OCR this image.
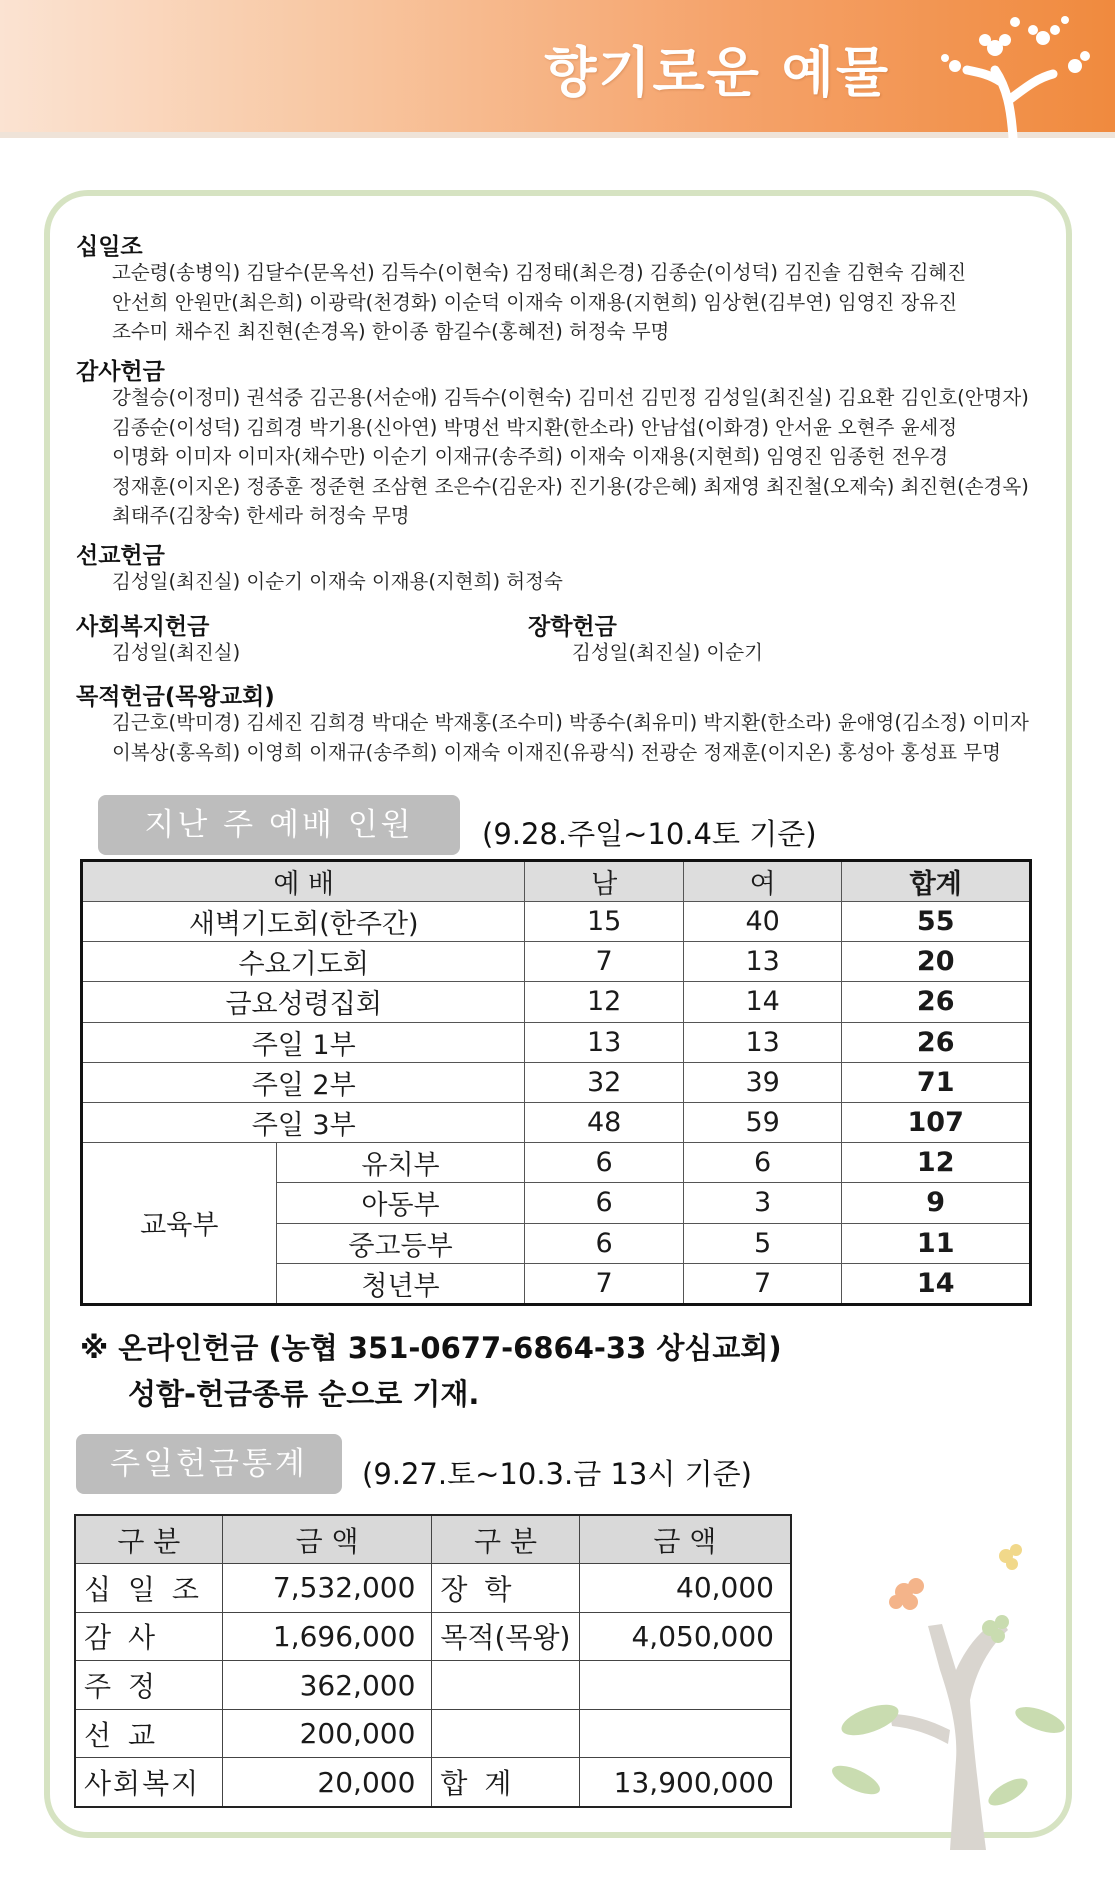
향기로운 예물
십일조
고순령(송병익) 김달수(문옥선) 김득수(이현숙) 김정태(최은경) 김종순(이성덕) 김진솔 김현숙 김혜진
안선희 안원만(최은희) 이광락(천경화) 이순덕 이재숙 이재용(지현희) 임상현(김부연) 임영진 장유진
조수미 채수진 최진현(손경옥) 한이종 함길수(홍혜전) 허정숙 무명
감사헌금
강철승(이정미) 권석중 김곤용(서순애) 김득수(이현숙) 김미선 김민정 김성일(최진실) 김요환 김인호(안명자)
김종순(이성덕) 김희경 박기용(신아연) 박명선 박지환(한소라) 안남섭(이화경) 안서윤 오현주 윤세정
이명화 이미자 이미자(채수만) 이순기 이재규(송주희) 이재숙 이재용(지현희) 임영진 임종헌 전우경
정재훈(이지온) 정종훈 정준현 조삼현 조은수(김운자) 진기용(강은혜) 최재영 최진철(오제숙) 최진현(손경옥)
최태주(김창숙) 한세라 허정숙 무명
선교헌금
김성일(최진실) 이순기 이재숙 이재용(지현희) 허정숙
사회복지헌금
김성일(최진실)
장학헌금
김성일(최진실) 이순기
목적헌금(목왕교회)
김근호(박미경) 김세진 김희경 박대순 박재홍(조수미) 박종수(최유미) 박지환(한소라) 윤애영(김소정) 이미자
이복상(홍옥희) 이영희 이재규(송주희) 이재숙 이재진(유광식) 전광순 정재훈(이지온) 홍성아 홍성표 무명
지난 주 예배 인원	(9.28.주일~10.4토 기준)
예 배		남	여	합계
새벽기도회(한주간)		15	40	55
수요기도회		7	13	20
금요성령집회		12	14	26
주일 1부		13	13	26
주일 2부		32	39	71
주일 3부		48	59	107
교육부	유치부	6	6	12
	아동부	6	3	9
	중고등부	6	5	11
	청년부	7	7	14
※ 온라인헌금 (농협 351-0677-6864-33 상심교회)
성함-헌금종류 순으로 기재.
주일헌금통계	(9.27.토~10.3.금 13시 기준)
구 분	금 액	구 분	금 액
십 일 조	7,532,000	장 학	40,000
감 사	1,696,000	목적(목왕)	4,050,000
주 정	362,000		
선 교	200,000		
사회복지	20,000	합 계	13,900,000
